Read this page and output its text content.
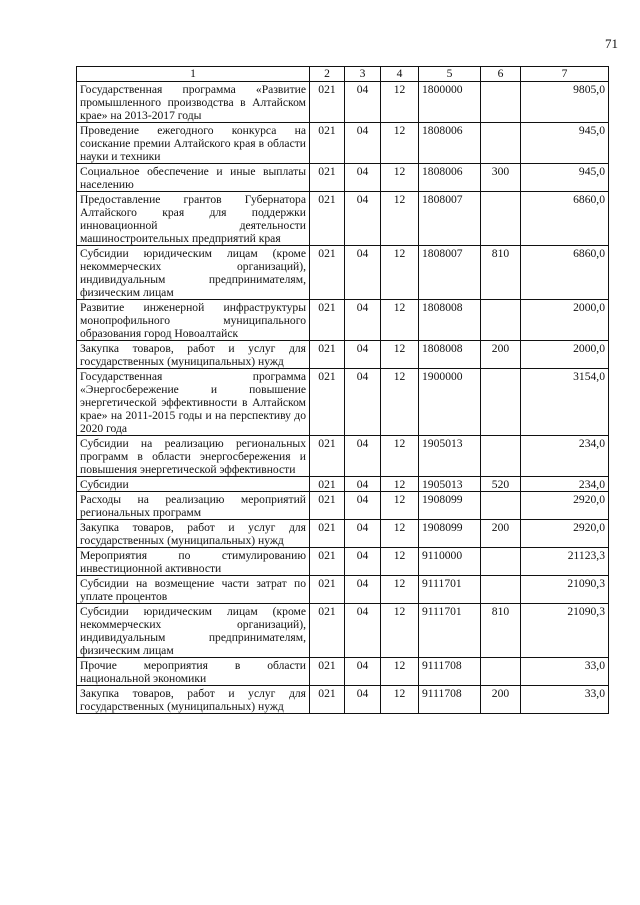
71
1	2	3	4	5	6	7
Государственная программа «Развитие промышленного производства в Алтайском крае» на 2013-2017 годы	021	04	12	1800000		9805,0
Проведение ежегодного конкурса на соискание премии Алтайского края в области науки и техники	021	04	12	1808006		945,0
Социальное обеспечение и иные выплаты населению	021	04	12	1808006	300	945,0
Предоставление грантов Губернатора Алтайского края для поддержки инновационной деятельности машиностроительных предприятий края	021	04	12	1808007		6860,0
Субсидии юридическим лицам (кроме некоммерческих организаций), индивидуальным предпринимателям, физическим лицам	021	04	12	1808007	810	6860,0
Развитие инженерной инфраструктуры монопрофильного муниципального образования город Новоалтайск	021	04	12	1808008		2000,0
Закупка товаров, работ и услуг для государственных (муниципальных) нужд	021	04	12	1808008	200	2000,0
Государственная программа «Энергосбережение и повышение энергетической эффективности в Алтайском крае» на 2011-2015 годы и на перспективу до 2020 года	021	04	12	1900000		3154,0
Субсидии на реализацию региональных программ в области энергосбережения и повышения энергетической эффективности	021	04	12	1905013		234,0
Субсидии	021	04	12	1905013	520	234,0
Расходы на реализацию мероприятий региональных программ	021	04	12	1908099		2920,0
Закупка товаров, работ и услуг для государственных (муниципальных) нужд	021	04	12	1908099	200	2920,0
Мероприятия по стимулированию инвестиционной активности	021	04	12	9110000		21123,3
Субсидии на возмещение части затрат по уплате процентов	021	04	12	9111701		21090,3
Субсидии юридическим лицам (кроме некоммерческих организаций), индивидуальным предпринимателям, физическим лицам	021	04	12	9111701	810	21090,3
Прочие мероприятия в области национальной экономики	021	04	12	9111708		33,0
Закупка товаров, работ и услуг для государственных (муниципальных) нужд	021	04	12	9111708	200	33,0
